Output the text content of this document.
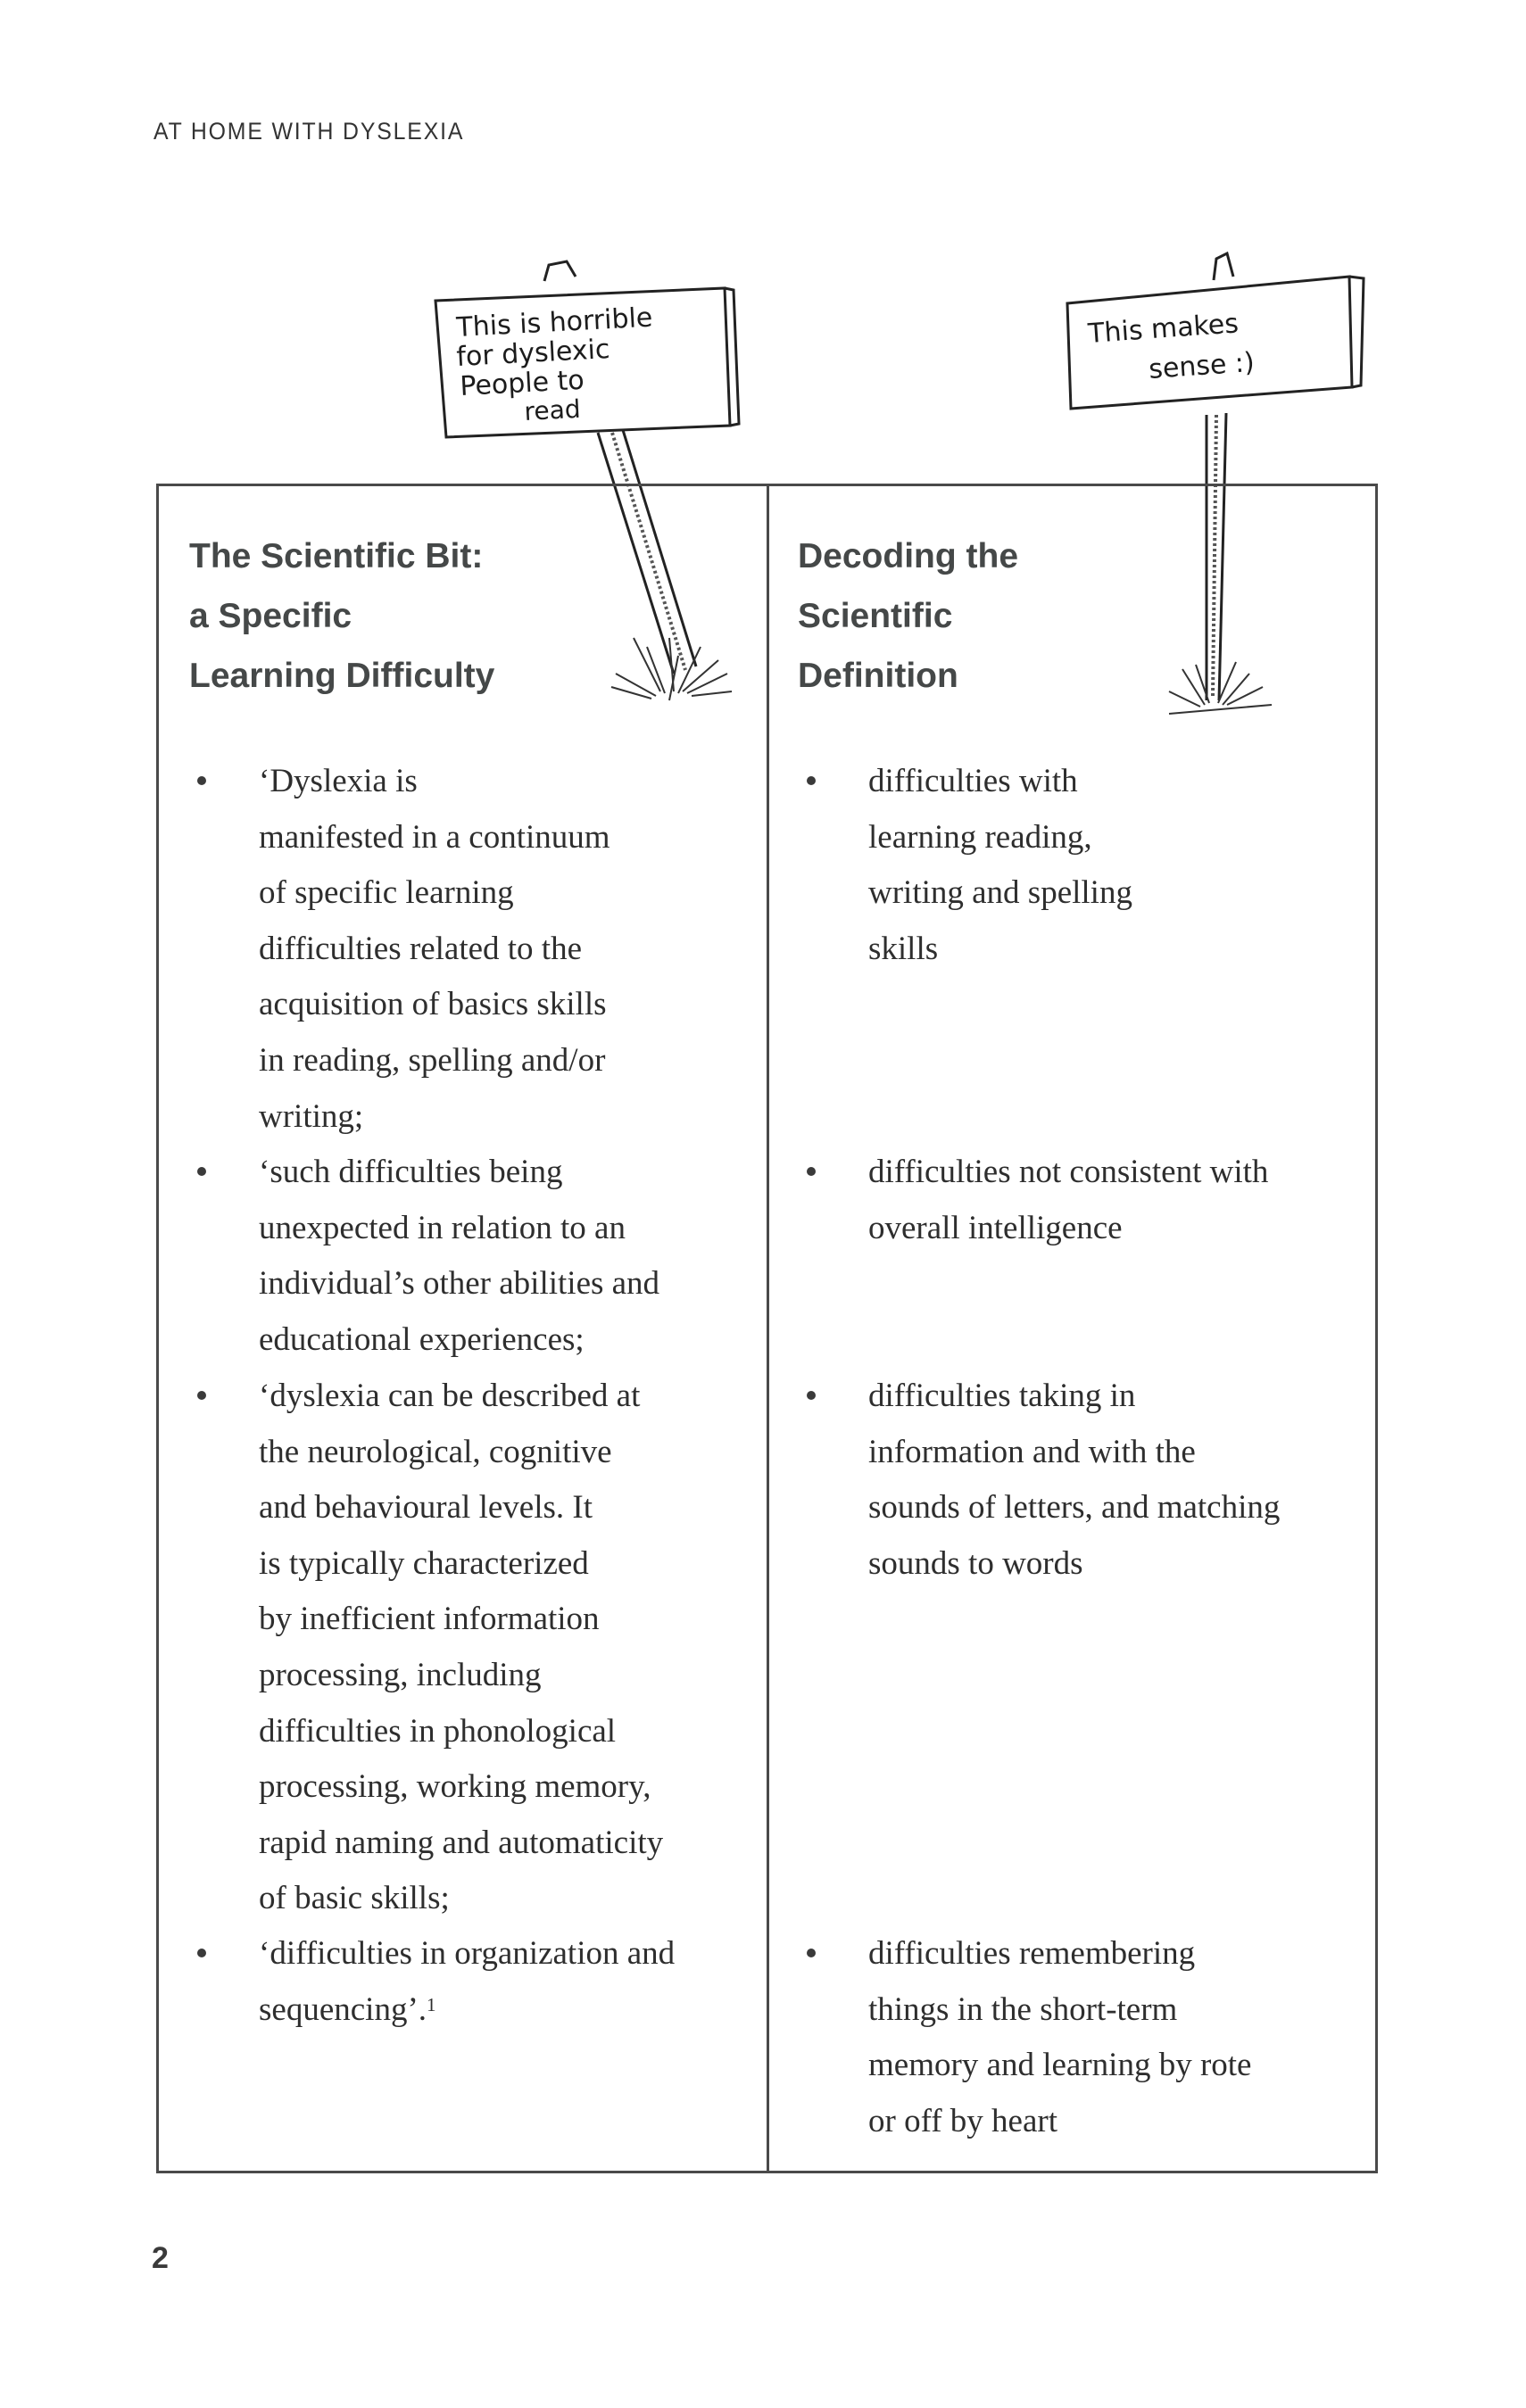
AT HOME WITH DYSLEXIA
This is horrible
for dyslexic
People to
read
This makes
sense :)
The Scientific Bit:
a Specific
Learning Difficulty
‘Dyslexia is
manifested in a continuum
of specific learning
difficulties related to the
acquisition of basics skills
in reading, spelling and/or
writing;
‘such difficulties being
unexpected in relation to an
individual’s other abilities and
educational experiences;
‘dyslexia can be described at
the neurological, cognitive
and behavioural levels. It
is typically characterized
by inefficient information
processing, including
difficulties in phonological
processing, working memory,
rapid naming and automaticity
of basic skills;
‘difficulties in organization and
sequencing’.$^1$
Decoding the
Scientific
Definition
difficulties with
learning reading,
writing and spelling
skills
difficulties not consistent with
overall intelligence
difficulties taking in
information and with the
sounds of letters, and matching
sounds to words
difficulties remembering
things in the short-term
memory and learning by rote
or off by heart
2
